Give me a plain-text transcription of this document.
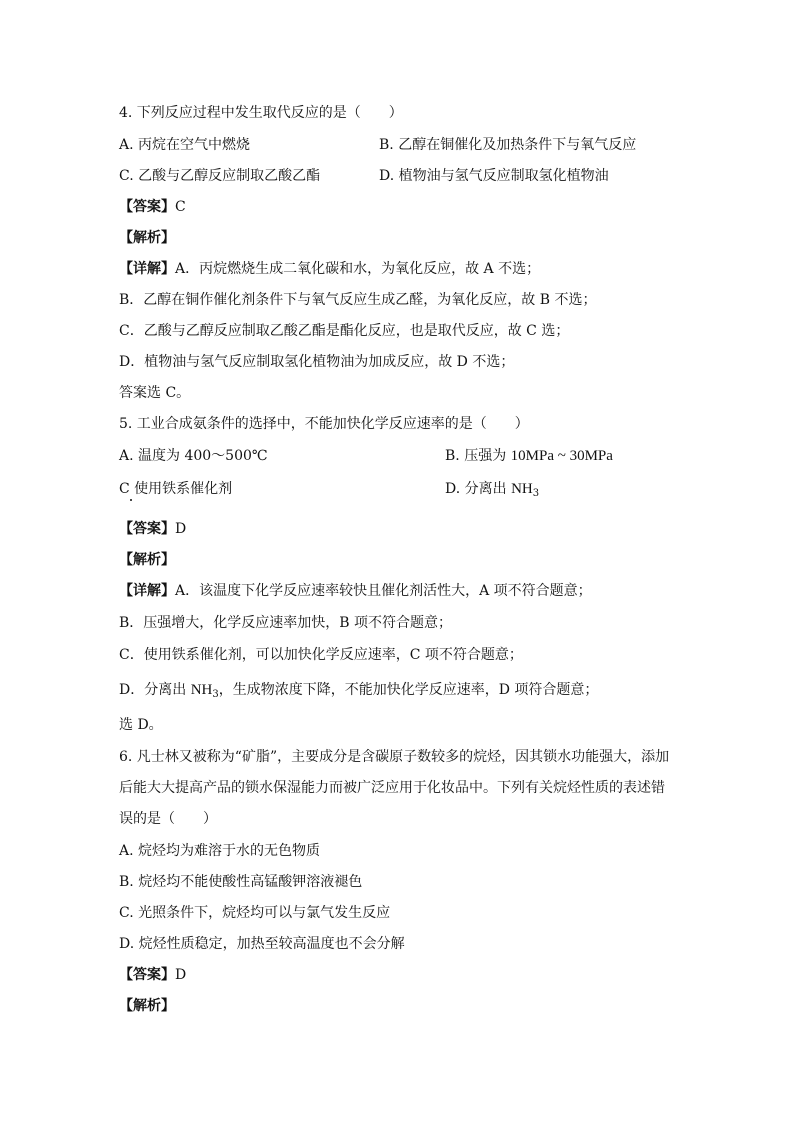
4. 下列反应过程中发生取代反应的是（　　）
A. 丙烷在空气中燃烧	B. 乙醇在铜催化及加热条件下与氧气反应
C. 乙酸与乙醇反应制取乙酸乙酯	D. 植物油与氢气反应制取氢化植物油
【答案】C
【解析】
【详解】A．丙烷燃烧生成二氧化碳和水，为氧化反应，故 A 不选；
B．乙醇在铜作催化剂条件下与氧气反应生成乙醛，为氧化反应，故 B 不选；
C．乙酸与乙醇反应制取乙酸乙酯是酯化反应，也是取代反应，故 C 选；
D．植物油与氢气反应制取氢化植物油为加成反应，故 D 不选；
答案选 C。
5. 工业合成氨条件的选择中，不能加快化学反应速率的是（　　）
A. 温度为 400～500℃	B. 压强为 10MPa ~ 30MPa
C 使用铁系催化剂	D. 分离出 $NH_3$
【答案】D
【解析】
【详解】A．该温度下化学反应速率较快且催化剂活性大，A 项不符合题意；
B．压强增大，化学反应速率加快，B 项不符合题意；
C．使用铁系催化剂，可以加快化学反应速率，C 项不符合题意；
D．分离出 $NH_3$，生成物浓度下降，不能加快化学反应速率，D 项符合题意；
选 D。
6. 凡士林又被称为“矿脂”，主要成分是含碳原子数较多的烷烃，因其锁水功能强大，添加
后能大大提高产品的锁水保湿能力而被广泛应用于化妆品中。下列有关烷烃性质的表述错
误的是（　　）
A. 烷烃均为难溶于水的无色物质
B. 烷烃均不能使酸性高锰酸钾溶液褪色
C. 光照条件下，烷烃均可以与氯气发生反应
D. 烷烃性质稳定，加热至较高温度也不会分解
【答案】D
【解析】
